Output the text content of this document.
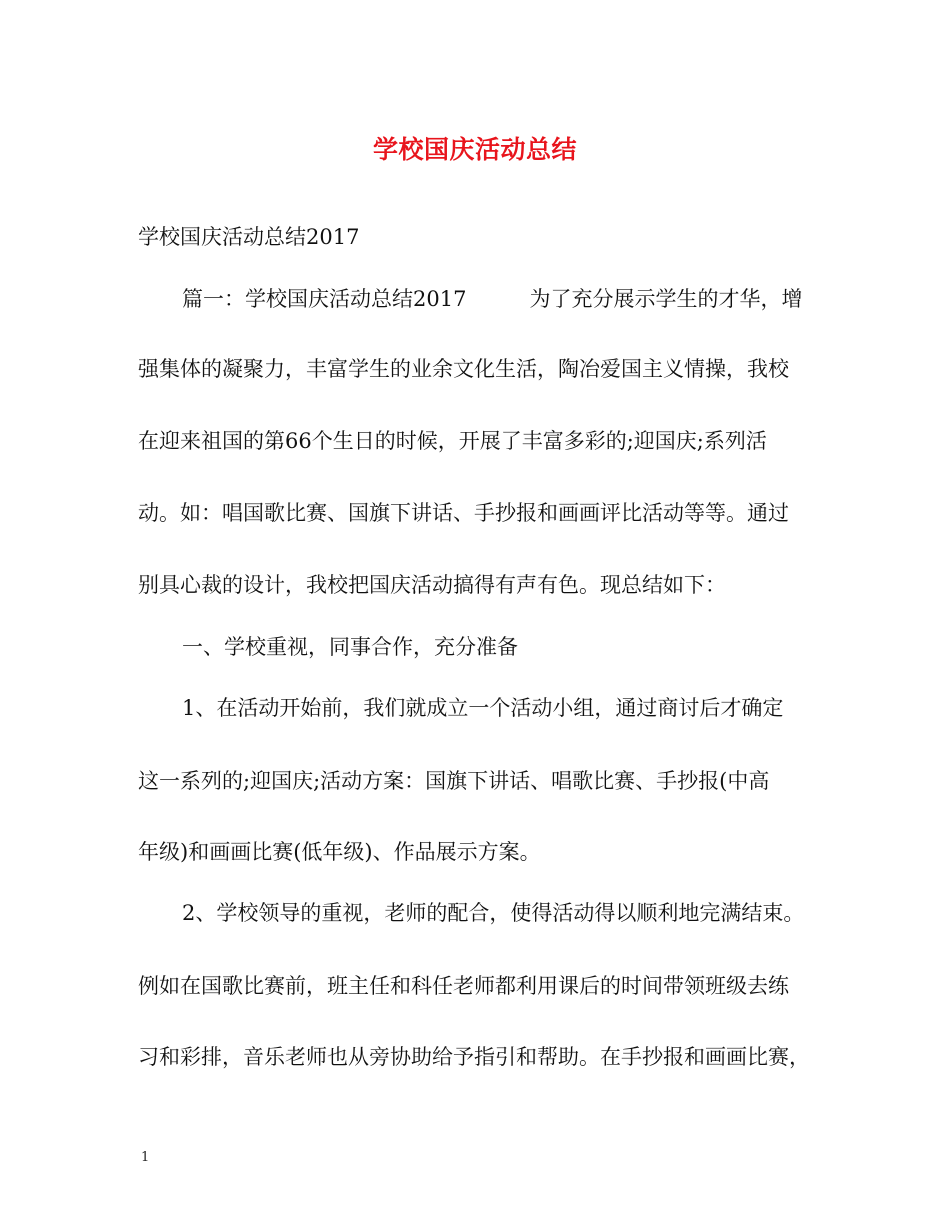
学校国庆活动总结

学校国庆活动总结2017

篇一：学校国庆活动总结2017　　　为了充分展示学生的才华，增

强集体的凝聚力，丰富学生的业余文化生活，陶冶爱国主义情操，我校

在迎来祖国的第66个生日的时候，开展了丰富多彩的;迎国庆;系列活

动。如：唱国歌比赛、国旗下讲话、手抄报和画画评比活动等等。通过

别具心裁的设计，我校把国庆活动搞得有声有色。现总结如下：

一、学校重视，同事合作，充分准备

1、在活动开始前，我们就成立一个活动小组，通过商讨后才确定

这一系列的;迎国庆;活动方案：国旗下讲话、唱歌比赛、手抄报(中高

年级)和画画比赛(低年级)、作品展示方案。

2、学校领导的重视，老师的配合，使得活动得以顺利地完满结束。

例如在国歌比赛前，班主任和科任老师都利用课后的时间带领班级去练

习和彩排，音乐老师也从旁协助给予指引和帮助。在手抄报和画画比赛，

1
